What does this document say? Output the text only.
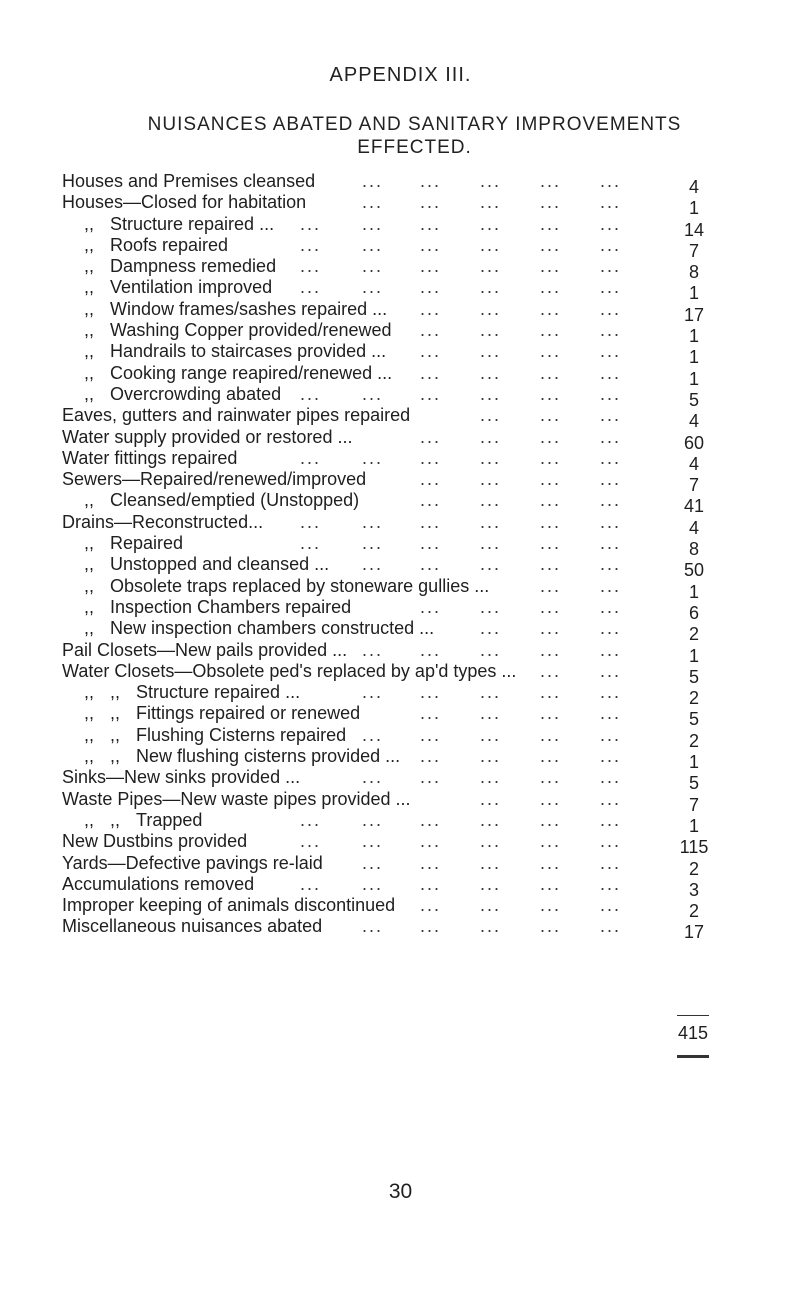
APPENDIX III.
NUISANCES ABATED AND SANITARY IMPROVEMENTS
EFFECTED.
Houses and Premises cleansed	4
... ... ... ... ...
Houses—Closed for habitation	1
... ... ... ... ...
,, Structure repaired ...	14
... ... ... ... ... ...
,, Roofs repaired	7
... ... ... ... ... ...
,, Dampness remedied	8
... ... ... ... ... ...
,, Ventilation improved	1
... ... ... ... ... ...
,, Window frames/sashes repaired ...	17
... ... ... ...
,, Washing Copper provided/renewed	1
... ... ... ...
,, Handrails to staircases provided ...	1
... ... ... ...
,, Cooking range reapired/renewed ...	1
... ... ... ...
,, Overcrowding abated	5
... ... ... ... ... ...
Eaves, gutters and rainwater pipes repaired	4
... ... ...
Water supply provided or restored ...	60
... ... ... ...
Water fittings repaired	4
... ... ... ... ... ...
Sewers—Repaired/renewed/improved	7
... ... ... ...
,, Cleansed/emptied (Unstopped)	41
... ... ... ...
Drains—Reconstructed...	4
... ... ... ... ... ...
,, Repaired	8
... ... ... ... ... ...
,, Unstopped and cleansed ...	50
... ... ... ... ...
,, Obsolete traps replaced by stoneware gullies ...	1
... ...
,, Inspection Chambers repaired	6
... ... ... ...
,, New inspection chambers constructed ...	2
... ... ...
Pail Closets—New pails provided ...	1
... ... ... ... ...
Water Closets—Obsolete ped's replaced by ap'd types ...	5
... ...
,, ,, Structure repaired ...	2
... ... ... ... ...
,, ,, Fittings repaired or renewed	5
... ... ... ...
,, ,, Flushing Cisterns repaired	2
... ... ... ... ...
,, ,, New flushing cisterns provided ...	1
... ... ... ...
Sinks—New sinks provided ...	5
... ... ... ... ...
Waste Pipes—New waste pipes provided ...	7
... ... ...
,, ,, Trapped	1
... ... ... ... ... ...
New Dustbins provided	115
... ... ... ... ... ...
Yards—Defective pavings re-laid	2
... ... ... ... ...
Accumulations removed	3
... ... ... ... ... ...
Improper keeping of animals discontinued	2
... ... ... ...
Miscellaneous nuisances abated	17
... ... ... ... ...
415
30
